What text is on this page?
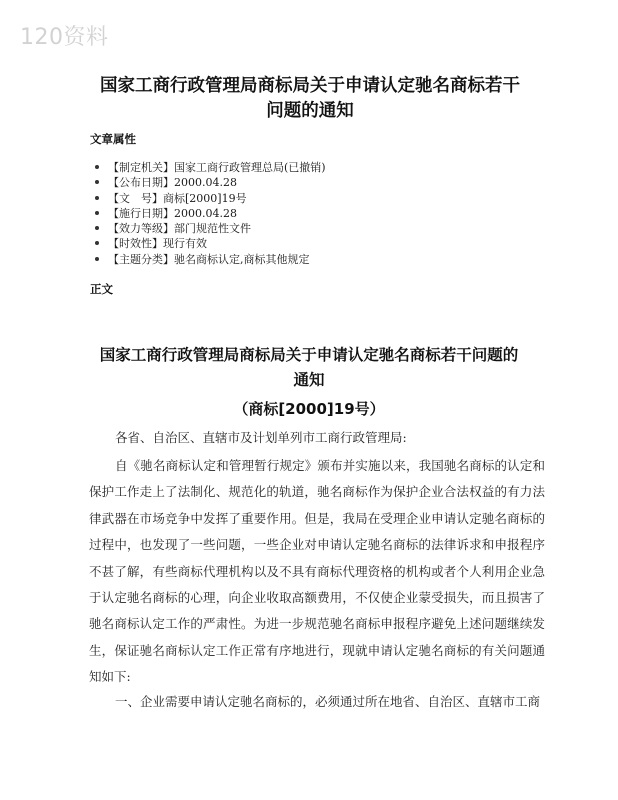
120资料
国家工商行政管理局商标局关于申请认定驰名商标若干
问题的通知
文章属性
【制定机关】国家工商行政管理总局(已撤销)
【公布日期】2000.04.28
【文　号】商标[2000]19号
【施行日期】2000.04.28
【效力等级】部门规范性文件
【时效性】现行有效
【主题分类】驰名商标认定,商标其他规定
正文
国家工商行政管理局商标局关于申请认定驰名商标若干问题的
通知
（商标[2000]19号）
各省、自治区、直辖市及计划单列市工商行政管理局:
自《驰名商标认定和管理暂行规定》颁布并实施以来，我国驰名商标的认定和
保护工作走上了法制化、规范化的轨道，驰名商标作为保护企业合法权益的有力法
律武器在市场竞争中发挥了重要作用。但是，我局在受理企业申请认定驰名商标的
过程中，也发现了一些问题，一些企业对申请认定驰名商标的法律诉求和申报程序
不甚了解，有些商标代理机构以及不具有商标代理资格的机构或者个人利用企业急
于认定驰名商标的心理，向企业收取高额费用，不仅使企业蒙受损失，而且损害了
驰名商标认定工作的严肃性。为进一步规范驰名商标申报程序避免上述问题继续发
生，保证驰名商标认定工作正常有序地进行，现就申请认定驰名商标的有关问题通
知如下:
一、企业需要申请认定驰名商标的，必须通过所在地省、自治区、直辖市工商
